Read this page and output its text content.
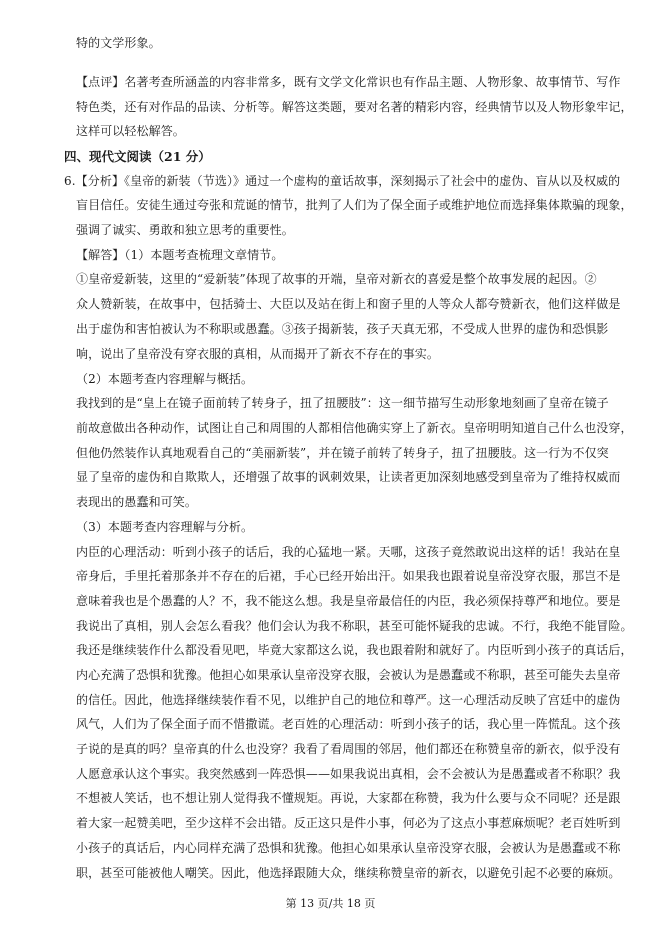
特的文学形象。
【点评】名著考查所涵盖的内容非常多，既有文学文化常识也有作品主题、人物形象、故事情节、写作
特色类，还有对作品的品读、分析等。解答这类题，要对名著的精彩内容，经典情节以及人物形象牢记，
这样可以轻松解答。
四、现代文阅读（21 分）
6.【分析】《皇帝的新装（节选）》通过一个虚构的童话故事，深刻揭示了社会中的虚伪、盲从以及权威的
盲目信任。安徒生通过夸张和荒诞的情节，批判了人们为了保全面子或维护地位而选择集体欺骗的现象，
强调了诚实、勇敢和独立思考的重要性。
【解答】（1）本题考查梳理文章情节。
①皇帝爱新装，这里的“爱新装”体现了故事的开端，皇帝对新衣的喜爱是整个故事发展的起因。②
众人赞新装，在故事中，包括骑士、大臣以及站在街上和窗子里的人等众人都夸赞新衣，他们这样做是
出于虚伪和害怕被认为不称职或愚蠢。③孩子揭新装，孩子天真无邪，不受成人世界的虚伪和恐惧影
响，说出了皇帝没有穿衣服的真相，从而揭开了新衣不存在的事实。
（2）本题考查内容理解与概括。
我找到的是“皇上在镜子面前转了转身子，扭了扭腰肢”：这一细节描写生动形象地刻画了皇帝在镜子
前故意做出各种动作，试图让自己和周围的人都相信他确实穿上了新衣。皇帝明明知道自己什么也没穿，
但他仍然装作认真地观看自己的“美丽新装”，并在镜子前转了转身子，扭了扭腰肢。这一行为不仅突
显了皇帝的虚伪和自欺欺人，还增强了故事的讽刺效果，让读者更加深刻地感受到皇帝为了维持权威而
表现出的愚蠢和可笑。
（3）本题考查内容理解与分析。
内臣的心理活动：听到小孩子的话后，我的心猛地一紧。天哪，这孩子竟然敢说出这样的话！我站在皇
帝身后，手里托着那条并不存在的后裙，手心已经开始出汗。如果我也跟着说皇帝没穿衣服，那岂不是
意味着我也是个愚蠢的人？不，我不能这么想。我是皇帝最信任的内臣，我必须保持尊严和地位。要是
我说出了真相，别人会怎么看我？他们会认为我不称职，甚至可能怀疑我的忠诚。不行，我绝不能冒险。
我还是继续装作什么都没看见吧，毕竟大家都这么说，我也跟着附和就好了。内臣听到小孩子的真话后，
内心充满了恐惧和犹豫。他担心如果承认皇帝没穿衣服，会被认为是愚蠢或不称职，甚至可能失去皇帝
的信任。因此，他选择继续装作看不见，以维护自己的地位和尊严。这一心理活动反映了宫廷中的虚伪
风气，人们为了保全面子而不惜撒谎。老百姓的心理活动：听到小孩子的话，我心里一阵慌乱。这个孩
子说的是真的吗？皇帝真的什么也没穿？我看了看周围的邻居，他们都还在称赞皇帝的新衣，似乎没有
人愿意承认这个事实。我突然感到一阵恐惧——如果我说出真相，会不会被认为是愚蠢或者不称职？我
不想被人笑话，也不想让别人觉得我不懂规矩。再说，大家都在称赞，我为什么要与众不同呢？还是跟
着大家一起赞美吧，至少这样不会出错。反正这只是件小事，何必为了这点小事惹麻烦呢？老百姓听到
小孩子的真话后，内心同样充满了恐惧和犹豫。他担心如果承认皇帝没穿衣服，会被认为是愚蠢或不称
职，甚至可能被他人嘲笑。因此，他选择跟随大众，继续称赞皇帝的新衣，以避免引起不必要的麻烦。
第 13 页/共 18 页
